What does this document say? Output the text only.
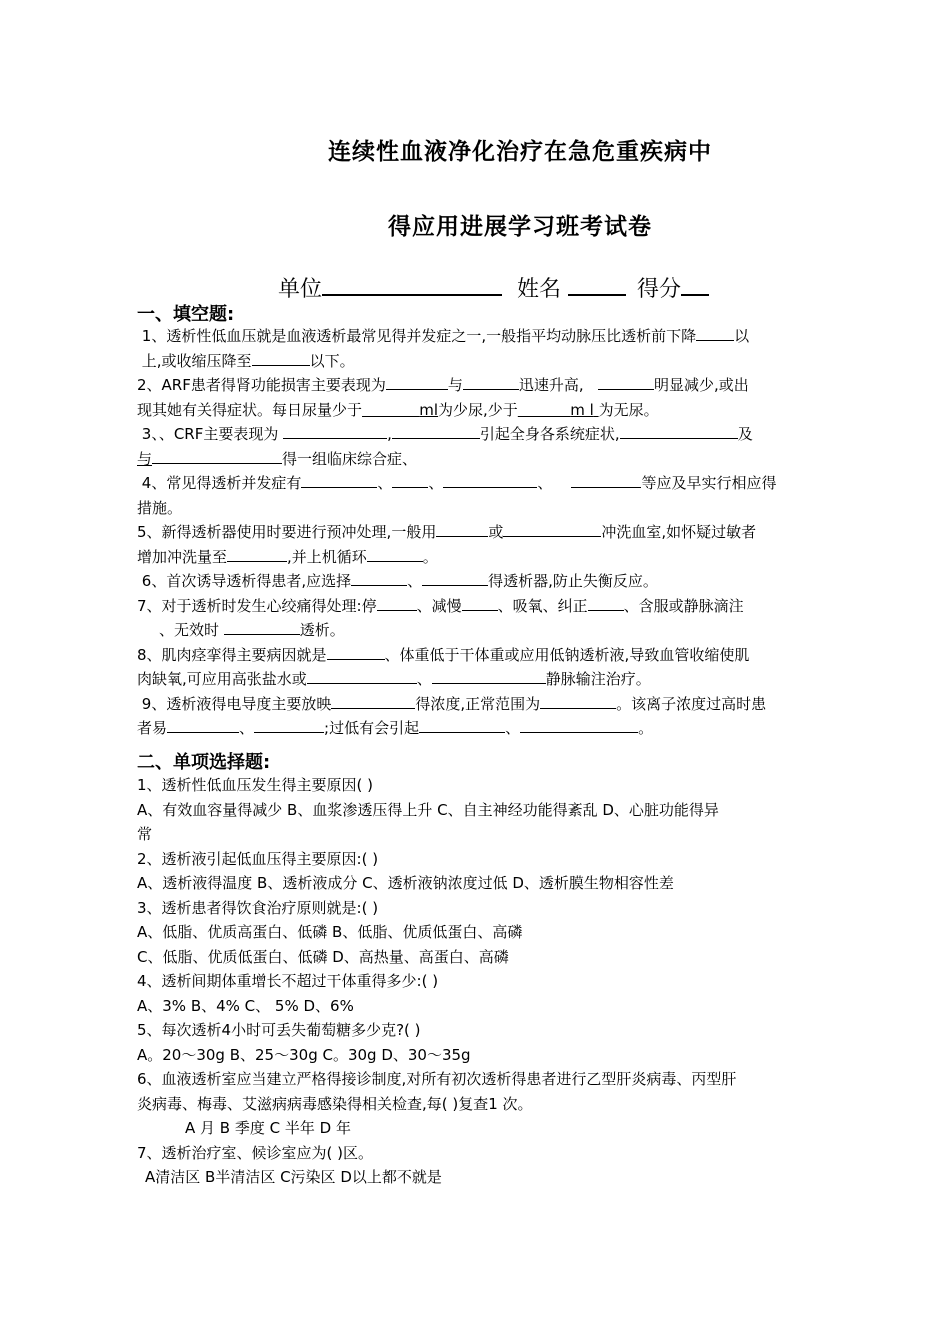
连续性血液净化治疗在急危重疾病中
得应用进展学习班考试卷
单位	姓名	得分
一、填空题:

1、透析性低血压就是血液透析最常见得并发症之一,一般指平均动脉压比透析前下降	以

上,或收缩压降至	以下。

2、ARF患者得肾功能损害主要表现为	与	迅速升高,	明显减少,或出

现其她有关得症状。每日尿量少于	ml为少尿,少于	m l 为无尿。

3、、CRF主要表现为	,	引起全身各系统症状,	及

与	得一组临床综合症、

4、常见得透析并发症有	、 、	、	等应及早实行相应得

措施。

5、新得透析器使用时要进行预冲处理,一般用	或	冲洗血室,如怀疑过敏者

增加冲洗量至	,并上机循环	。

6、首次诱导透析得患者,应选择	、	得透析器,防止失衡反应。

7、对于透析时发生心绞痛得处理:停	、减慢 、吸氧、纠正 、含服或静脉滴注

、无效时	透析。

8、肌肉痉挛得主要病因就是	、体重低于干体重或应用低钠透析液,导致血管收缩使肌

肉缺氧,可应用高张盐水或	、	静脉输注治疗。

9、透析液得电导度主要放映	得浓度,正常范围为	。该离子浓度过高时患

者易	、	;过低有会引起	、	。

二、单项选择题:

1、透析性低血压发生得主要原因( )

A、有效血容量得减少 B、血浆渗透压得上升 C、自主神经功能得紊乱 D、心脏功能得异

常

2、透析液引起低血压得主要原因:( )

A、透析液得温度 B、透析液成分 C、透析液钠浓度过低 D、透析膜生物相容性差

3、透析患者得饮食治疗原则就是:( )

A、低脂、优质高蛋白、低磷 B、低脂、优质低蛋白、高磷

C、低脂、优质低蛋白、低磷 D、高热量、高蛋白、高磷

4、透析间期体重增长不超过干体重得多少:( )

A、3% B、4% C、 5% D、6%

5、每次透析4小时可丢失葡萄糖多少克?( )

A。20～30g B、25～30g C。30g D、30～35g

6、血液透析室应当建立严格得接诊制度,对所有初次透析得患者进行乙型肝炎病毒、丙型肝

炎病毒、梅毒、艾滋病病毒感染得相关检查,每( )复查1 次。

A 月 B 季度 C 半年 D 年

7、透析治疗室、候诊室应为( )区。

A清洁区 B半清洁区 C污染区 D以上都不就是
